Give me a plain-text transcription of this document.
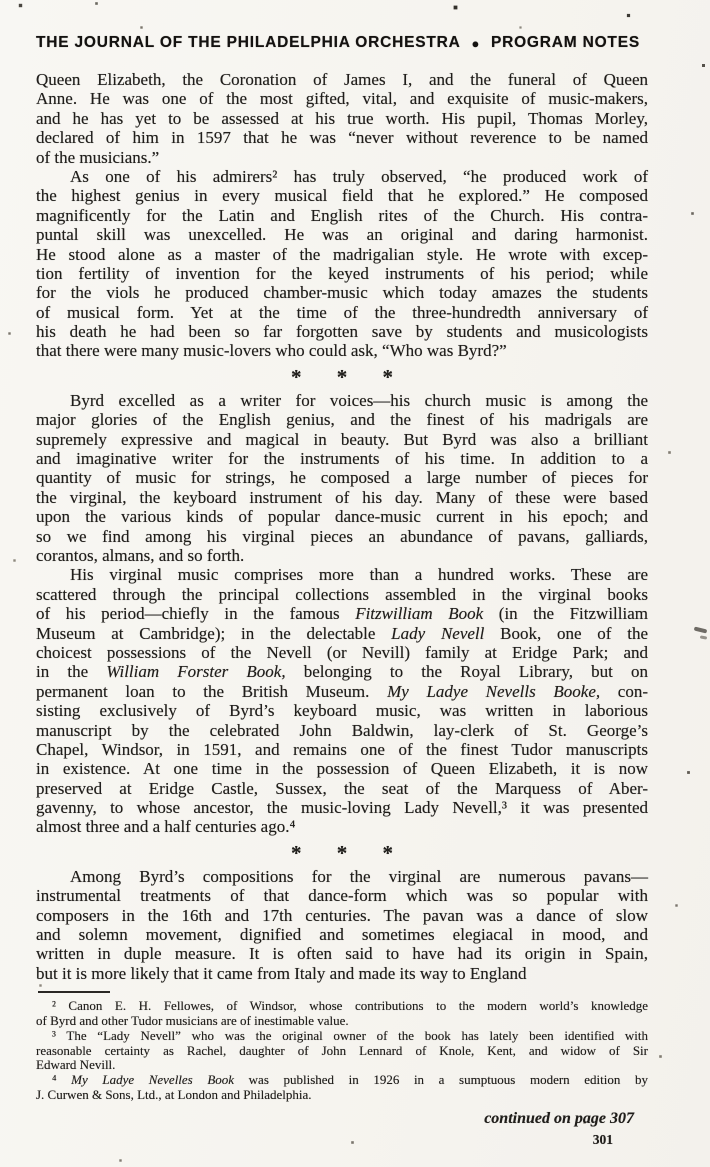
THE JOURNAL OF THE PHILADELPHIA ORCHESTRA ● PROGRAM NOTES
Queen Elizabeth, the Coronation of James I, and the funeral of Queen
Anne. He was one of the most gifted, vital, and exquisite of music-makers,
and he has yet to be assessed at his true worth. His pupil, Thomas Morley,
declared of him in 1597 that he was “never without reverence to be named
of the musicians.”
As one of his admirers² has truly observed, “he produced work of
the highest genius in every musical field that he explored.” He composed
magnificently for the Latin and English rites of the Church. His contra-
puntal skill was unexcelled. He was an original and daring harmonist.
He stood alone as a master of the madrigalian style. He wrote with excep-
tion fertility of invention for the keyed instruments of his period; while
for the viols he produced chamber-music which today amazes the students
of musical form. Yet at the time of the three-hundredth anniversary of
his death he had been so far forgotten save by students and musicologists
that there were many music-lovers who could ask, “Who was Byrd?”
* * *
Byrd excelled as a writer for voices—his church music is among the
major glories of the English genius, and the finest of his madrigals are
supremely expressive and magical in beauty. But Byrd was also a brilliant
and imaginative writer for the instruments of his time. In addition to a
quantity of music for strings, he composed a large number of pieces for
the virginal, the keyboard instrument of his day. Many of these were based
upon the various kinds of popular dance-music current in his epoch; and
so we find among his virginal pieces an abundance of pavans, galliards,
corantos, almans, and so forth.
His virginal music comprises more than a hundred works. These are
scattered through the principal collections assembled in the virginal books
of his period—chiefly in the famous Fitzwilliam Book (in the Fitzwilliam
Museum at Cambridge); in the delectable Lady Nevell Book, one of the
choicest possessions of the Nevell (or Nevill) family at Eridge Park; and
in the William Forster Book, belonging to the Royal Library, but on
permanent loan to the British Museum. My Ladye Nevells Booke, con-
sisting exclusively of Byrd’s keyboard music, was written in laborious
manuscript by the celebrated John Baldwin, lay-clerk of St. George’s
Chapel, Windsor, in 1591, and remains one of the finest Tudor manuscripts
in existence. At one time in the possession of Queen Elizabeth, it is now
preserved at Eridge Castle, Sussex, the seat of the Marquess of Aber-
gavenny, to whose ancestor, the music-loving Lady Nevell,³ it was presented
almost three and a half centuries ago.⁴
* * *
Among Byrd’s compositions for the virginal are numerous pavans—
instrumental treatments of that dance-form which was so popular with
composers in the 16th and 17th centuries. The pavan was a dance of slow
and solemn movement, dignified and sometimes elegiacal in mood, and
written in duple measure. It is often said to have had its origin in Spain,
but it is more likely that it came from Italy and made its way to England
² Canon E. H. Fellowes, of Windsor, whose contributions to the modern world’s knowledge
of Byrd and other Tudor musicians are of inestimable value.
³ The “Lady Nevell” who was the original owner of the book has lately been identified with
reasonable certainty as Rachel, daughter of John Lennard of Knole, Kent, and widow of Sir
Edward Nevill.
⁴ My Ladye Nevelles Book was published in 1926 in a sumptuous modern edition by
J. Curwen & Sons, Ltd., at London and Philadelphia.
continued on page 307
301
